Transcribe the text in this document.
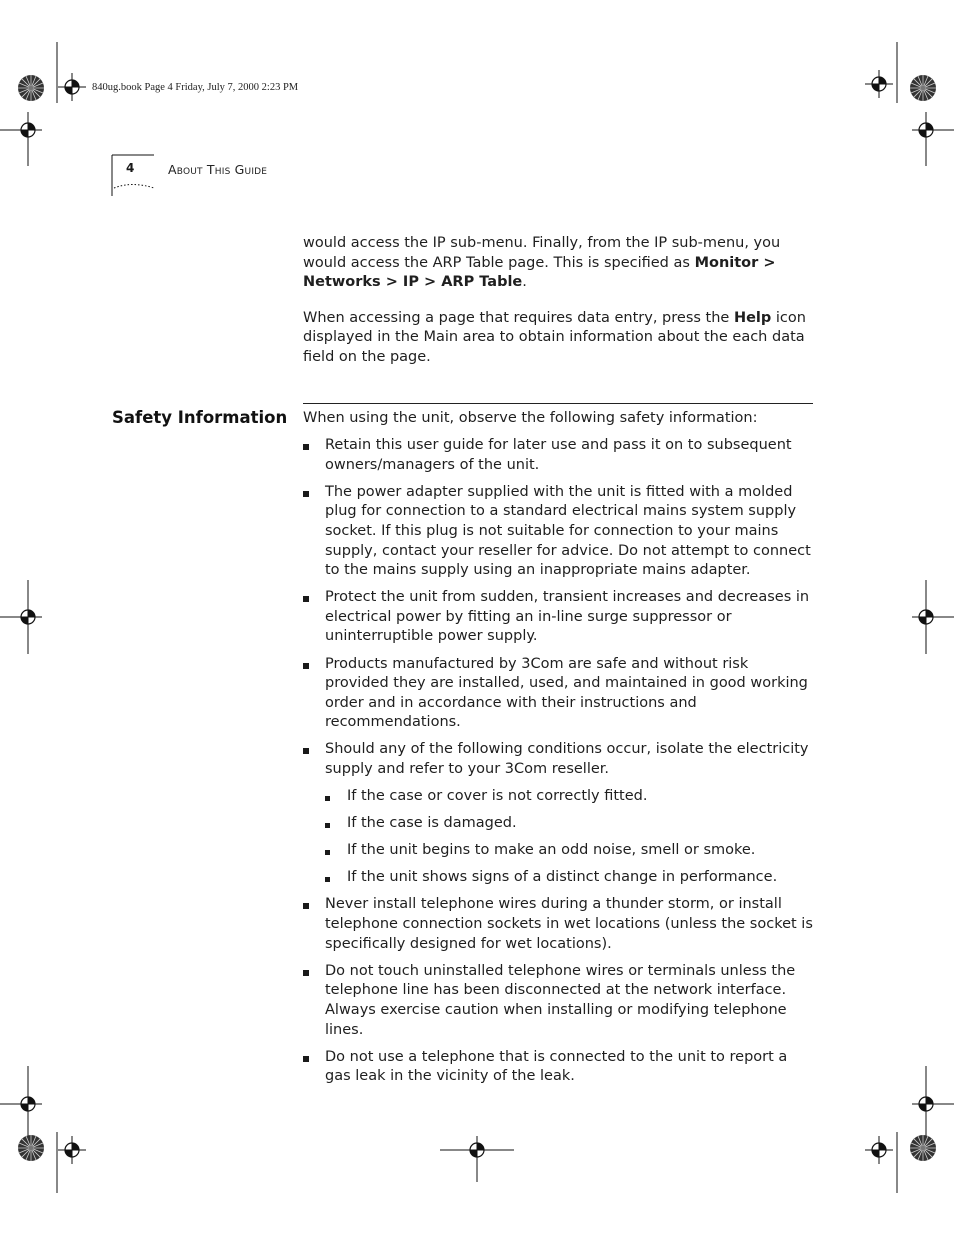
840ug.book Page 4 Friday, July 7, 2000 2:23 PM
4	About This Guide

would access the IP sub-menu. Finally, from the IP sub-menu, you would access the ARP Table page. This is specified as Monitor > Networks > IP > ARP Table.

When accessing a page that requires data entry, press the Help icon displayed in the Main area to obtain information about the each data field on the page.

Safety Information When using the unit, observe the following safety information:

Retain this user guide for later use and pass it on to subsequent owners/managers of the unit.
The power adapter supplied with the unit is fitted with a molded plug for connection to a standard electrical mains system supply socket. If this plug is not suitable for connection to your mains supply, contact your reseller for advice. Do not attempt to connect to the mains supply using an inappropriate mains adapter.
Protect the unit from sudden, transient increases and decreases in electrical power by fitting an in-line surge suppressor or uninterruptible power supply.
Products manufactured by 3Com are safe and without risk provided they are installed, used, and maintained in good working order and in accordance with their instructions and recommendations.
Should any of the following conditions occur, isolate the electricity supply and refer to your 3Com reseller.
If the case or cover is not correctly fitted.
If the case is damaged.
If the unit begins to make an odd noise, smell or smoke.
If the unit shows signs of a distinct change in performance.
Never install telephone wires during a thunder storm, or install telephone connection sockets in wet locations (unless the socket is specifically designed for wet locations).
Do not touch uninstalled telephone wires or terminals unless the telephone line has been disconnected at the network interface. Always exercise caution when installing or modifying telephone lines.
Do not use a telephone that is connected to the unit to report a gas leak in the vicinity of the leak.
